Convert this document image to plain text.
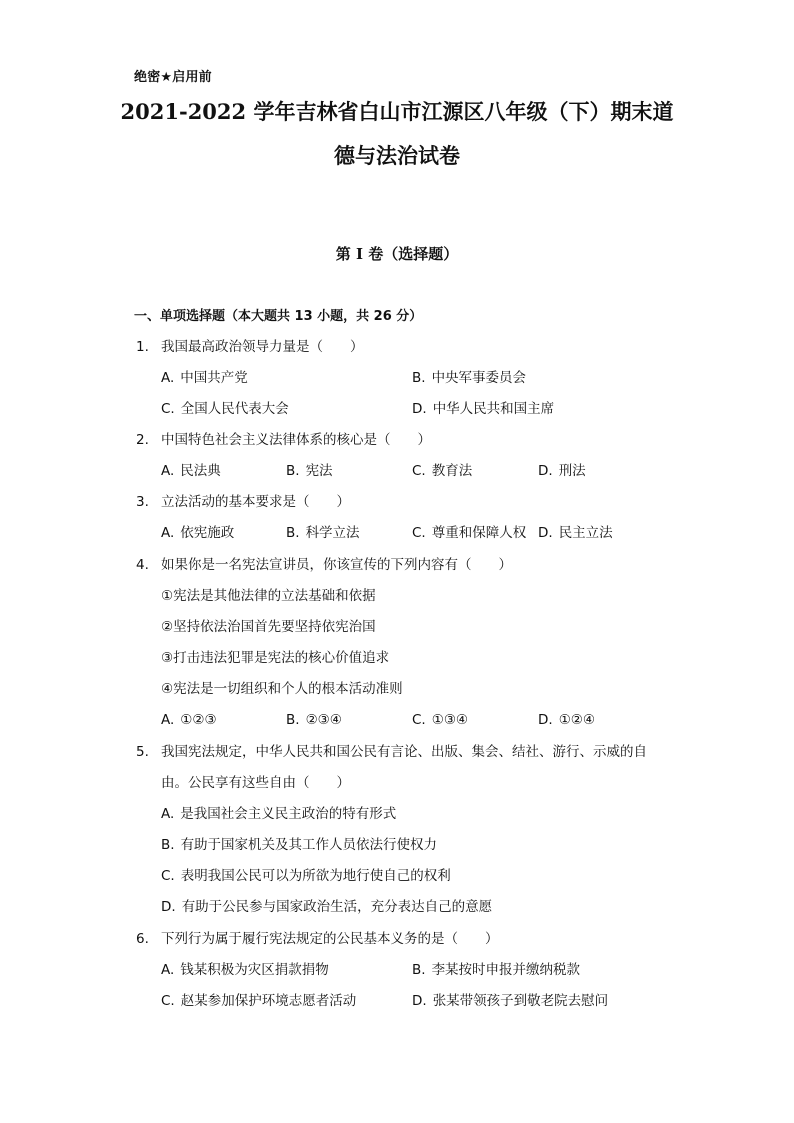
绝密★启用前
2021-2022 学年吉林省白山市江源区八年级（下）期末道
德与法治试卷
第 I 卷（选择题）
一、单项选择题（本大题共 13 小题，共 26 分）
1. 我国最高政治领导力量是（　　）
A. 中国共产党	B. 中央军事委员会
C. 全国人民代表大会	D. 中华人民共和国主席
2. 中国特色社会主义法律体系的核心是（　　）
A. 民法典	B. 宪法	C. 教育法	D. 刑法
3. 立法活动的基本要求是（　　）
A. 依宪施政	B. 科学立法	C. 尊重和保障人权 D. 民主立法
4. 如果你是一名宪法宣讲员，你该宣传的下列内容有（　　）
①宪法是其他法律的立法基础和依据
②坚持依法治国首先要坚持依宪治国
③打击违法犯罪是宪法的核心价值追求
④宪法是一切组织和个人的根本活动准则
A. ①②③	B. ②③④	C. ①③④	D. ①②④
5. 我国宪法规定，中华人民共和国公民有言论、出版、集会、结社、游行、示威的自
由。公民享有这些自由（　　）
A. 是我国社会主义民主政治的特有形式
B. 有助于国家机关及其工作人员依法行使权力
C. 表明我国公民可以为所欲为地行使自己的权利
D. 有助于公民参与国家政治生活，充分表达自己的意愿
6. 下列行为属于履行宪法规定的公民基本义务的是（　　）
A. 钱某积极为灾区捐款捐物	B. 李某按时申报并缴纳税款
C. 赵某参加保护环境志愿者活动	D. 张某带领孩子到敬老院去慰问
